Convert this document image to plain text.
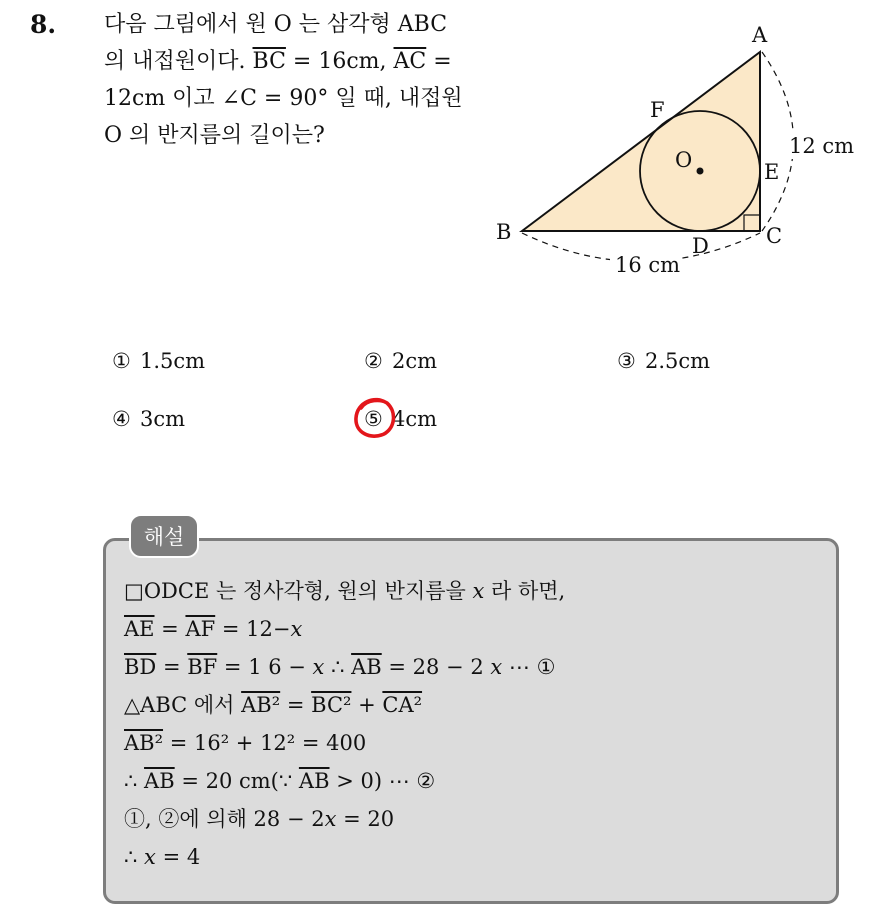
8. 다음 그림에서 원 O 는 삼각형 ABC 의 내접원이다. $\overline{BC} = 16cm$, $\overline{AC} = 12cm$ 이고 ∠C = 90° 일 때, 내접원 O 의 반지름의 길이는?
A
B	C
D
E
F
O
12 cm
16 cm
① 1.5cm	② 2cm	③ 2.5cm
④ 3cm	⑤ 4cm
해설
□ODCE 는 정사각형, 원의 반지름을 x 라 하면,
$\overline{AE} = \overline{AF} = 12-x$
$\overline{BD} = \overline{BF} = 1$ 6 − x ∴ $\overline{AB} = 28 - 2$ x ⋯ ①
△ABC 에서 AB² = BC² + CA²
AB² = 16² + 12² = 400
∴ $\overline{AB} = 20$ cm(∵ $\overline{AB} > 0$) ⋯ ②
①, ②에 의해 28 − 2x = 20
∴ x = 4
